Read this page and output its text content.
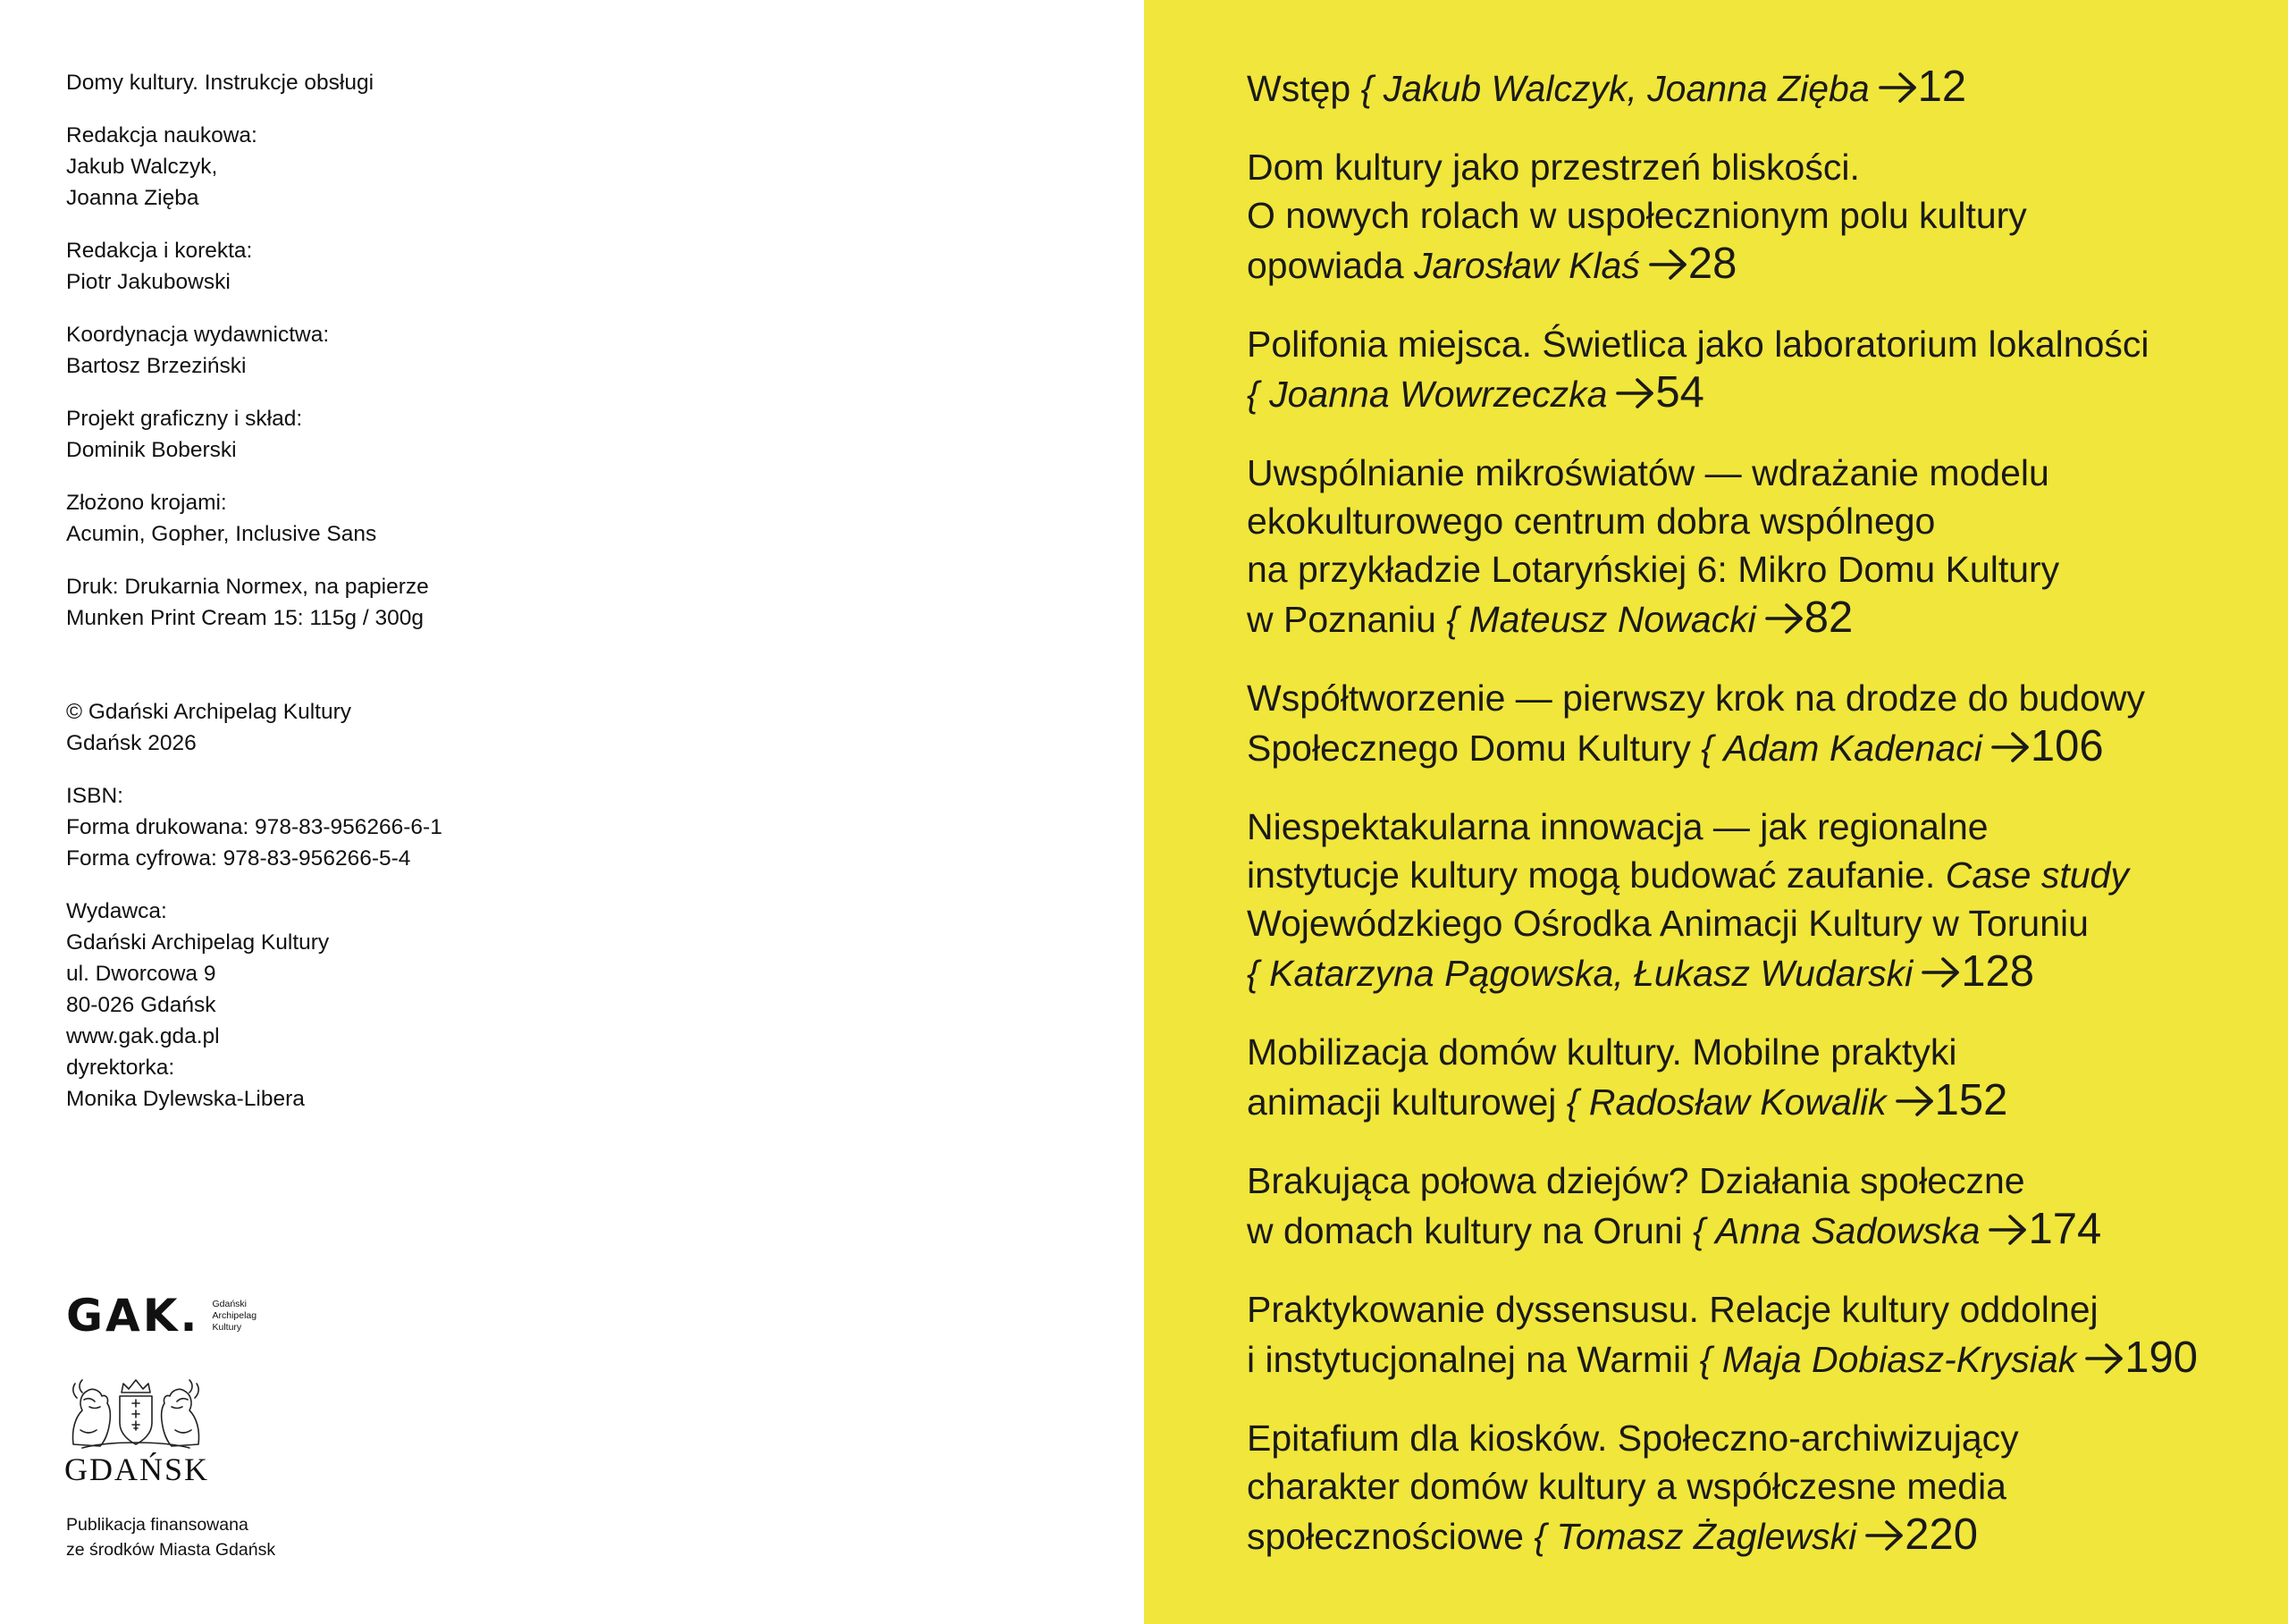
Domy kultury. Instrukcje obsługi
Redakcja naukowa:
Jakub Walczyk,
Joanna Zięba
Redakcja i korekta:
Piotr Jakubowski
Koordynacja wydawnictwa:
Bartosz Brzeziński
Projekt graficzny i skład:
Dominik Boberski
Złożono krojami:
Acumin, Gopher, Inclusive Sans
Druk: Drukarnia Normex, na papierze
Munken Print Cream 15: 115g / 300g
© Gdański Archipelag Kultury
Gdańsk 2026
ISBN:
Forma drukowana: 978-83-956266-6-1
Forma cyfrowa: 978-83-956266-5-4
Wydawca:
Gdański Archipelag Kultury
ul. Dworcowa 9
80-026 Gdańsk
www.gak.gda.pl
dyrektorka:
Monika Dylewska-Libera
GAK. Gdański
Archipelag
Kultury
GDAŃSK
Publikacja finansowana
ze środków Miasta Gdańsk
Wstęp { Jakub Walczyk, Joanna Zięba 12
Dom kultury jako przestrzeń bliskości.
O nowych rolach w uspołecznionym polu kultury
opowiada Jarosław Klaś 28
Polifonia miejsca. Świetlica jako laboratorium lokalności
{ Joanna Wowrzeczka 54
Uwspólnianie mikroświatów — wdrażanie modelu
ekokulturowego centrum dobra wspólnego
na przykładzie Lotaryńskiej 6: Mikro Domu Kultury
w Poznaniu { Mateusz Nowacki 82
Współtworzenie — pierwszy krok na drodze do budowy
Społecznego Domu Kultury { Adam Kadenaci 106
Niespektakularna innowacja — jak regionalne
instytucje kultury mogą budować zaufanie. Case study
Wojewódzkiego Ośrodka Animacji Kultury w Toruniu
{ Katarzyna Pągowska, Łukasz Wudarski 128
Mobilizacja domów kultury. Mobilne praktyki
animacji kulturowej { Radosław Kowalik 152
Brakująca połowa dziejów? Działania społeczne
w domach kultury na Oruni { Anna Sadowska 174
Praktykowanie dyssensusu. Relacje kultury oddolnej
i instytucjonalnej na Warmii { Maja Dobiasz-Krysiak 190
Epitafium dla kiosków. Społeczno-archiwizujący
charakter domów kultury a współczesne media
społecznościowe { Tomasz Żaglewski 220
